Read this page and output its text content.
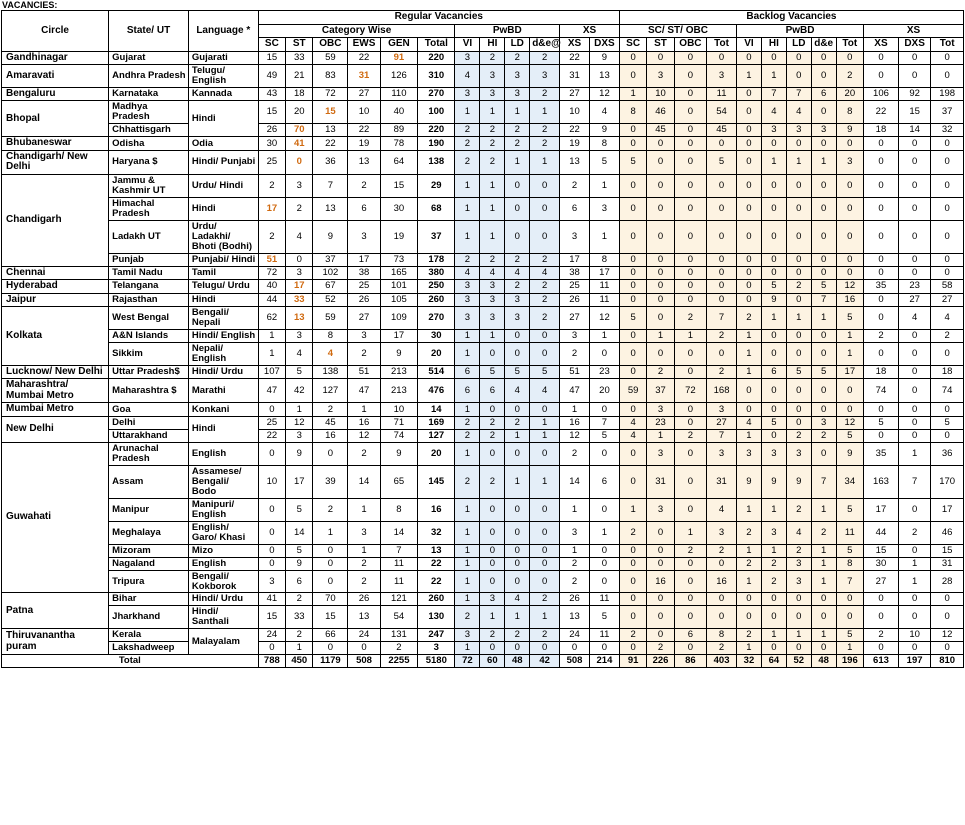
VACANCIES:
Circle	State/ UT	Language *	Regular Vacancies												Backlog Vacancies											
			Category Wise						PwBD				XS		SC/ ST/ OBC				PwBD					XS		
			SC	ST	OBC	EWS	GEN	Total	VI	HI	LD	d&e@	XS	DXS	SC	ST	OBC	Tot	VI	HI	LD	d&e	Tot	XS	DXS	Tot
Gandhinagar	Gujarat	Gujarati	15	33	59	22	91	220	3	2	2	2	22	9	0	0	0	0	0	0	0	0	0	0	0	0
Amaravati	Andhra Pradesh	Telugu/ English	49	21	83	31	126	310	4	3	3	3	31	13	0	3	0	3	1	1	0	0	2	0	0	0
Bengaluru	Karnataka	Kannada	43	18	72	27	110	270	3	3	3	2	27	12	1	10	0	11	0	7	7	6	20	106	92	198
Bhopal	Madhya Pradesh	Hindi	15	20	15	10	40	100	1	1	1	1	10	4	8	46	0	54	0	4	4	0	8	22	15	37
	Chhattisgarh		26	70	13	22	89	220	2	2	2	2	22	9	0	45	0	45	0	3	3	3	9	18	14	32
Bhubaneswar	Odisha	Odia	30	41	22	19	78	190	2	2	2	2	19	8	0	0	0	0	0	0	0	0	0	0	0	0
Chandigarh/ New Delhi	Haryana $	Hindi/ Punjabi	25	0	36	13	64	138	2	2	1	1	13	5	5	0	0	5	0	1	1	1	3	0	0	0
Chandigarh	Jammu & Kashmir UT	Urdu/ Hindi	2	3	7	2	15	29	1	1	0	0	2	1	0	0	0	0	0	0	0	0	0	0	0	0
	Himachal Pradesh	Hindi	17	2	13	6	30	68	1	1	0	0	6	3	0	0	0	0	0	0	0	0	0	0	0	0
	Ladakh UT	Urdu/ Ladakhi/ Bhoti (Bodhi)	2	4	9	3	19	37	1	1	0	0	3	1	0	0	0	0	0	0	0	0	0	0	0	0
	Punjab	Punjabi/ Hindi	51	0	37	17	73	178	2	2	2	2	17	8	0	0	0	0	0	0	0	0	0	0	0	0
Chennai	Tamil Nadu	Tamil	72	3	102	38	165	380	4	4	4	4	38	17	0	0	0	0	0	0	0	0	0	0	0	0
Hyderabad	Telangana	Telugu/ Urdu	40	17	67	25	101	250	3	3	2	2	25	11	0	0	0	0	0	5	2	5	12	35	23	58
Jaipur	Rajasthan	Hindi	44	33	52	26	105	260	3	3	3	2	26	11	0	0	0	0	0	9	0	7	16	0	27	27
Kolkata	West Bengal	Bengali/ Nepali	62	13	59	27	109	270	3	3	3	2	27	12	5	0	2	7	2	1	1	1	5	0	4	4
	A&N Islands	Hindi/ English	1	3	8	3	17	30	1	1	0	0	3	1	0	1	1	2	1	0	0	0	1	2	0	2
	Sikkim	Nepali/ English	1	4	4	2	9	20	1	0	0	0	2	0	0	0	0	0	1	0	0	0	1	0	0	0
Lucknow/ New Delhi	Uttar Pradesh$	Hindi/ Urdu	107	5	138	51	213	514	6	5	5	5	51	23	0	2	0	2	1	6	5	5	17	18	0	18
Maharashtra/ Mumbai Metro	Maharashtra $	Marathi	47	42	127	47	213	476	6	6	4	4	47	20	59	37	72	168	0	0	0	0	0	74	0	74
Mumbai Metro	Goa	Konkani	0	1	2	1	10	14	1	0	0	0	1	0	0	3	0	3	0	0	0	0	0	0	0	0
New Delhi	Delhi	Hindi	25	12	45	16	71	169	2	2	2	1	16	7	4	23	0	27	4	5	0	3	12	5	0	5
	Uttarakhand		22	3	16	12	74	127	2	2	1	1	12	5	4	1	2	7	1	0	2	2	5	0	0	0
Guwahati	Arunachal Pradesh	English	0	9	0	2	9	20	1	0	0	0	2	0	0	3	0	3	3	3	3	0	9	35	1	36
	Assam	Assamese/ Bengali/ Bodo	10	17	39	14	65	145	2	2	1	1	14	6	0	31	0	31	9	9	9	7	34	163	7	170
	Manipur	Manipuri/ English	0	5	2	1	8	16	1	0	0	0	1	0	1	3	0	4	1	1	2	1	5	17	0	17
	Meghalaya	English/ Garo/ Khasi	0	14	1	3	14	32	1	0	0	0	3	1	2	0	1	3	2	3	4	2	11	44	2	46
	Mizoram	Mizo	0	5	0	1	7	13	1	0	0	0	1	0	0	0	2	2	1	1	2	1	5	15	0	15
	Nagaland	English	0	9	0	2	11	22	1	0	0	0	2	0	0	0	0	0	2	2	3	1	8	30	1	31
	Tripura	Bengali/ Kokborok	3	6	0	2	11	22	1	0	0	0	2	0	0	16	0	16	1	2	3	1	7	27	1	28
Patna	Bihar	Hindi/ Urdu	41	2	70	26	121	260	1	3	4	2	26	11	0	0	0	0	0	0	0	0	0	0	0	0
	Jharkhand	Hindi/ Santhali	15	33	15	13	54	130	2	1	1	1	13	5	0	0	0	0	0	0	0	0	0	0	0	0
Thiruvanantha puram	Kerala	Malayalam	24	2	66	24	131	247	3	2	2	2	24	11	2	0	6	8	2	1	1	1	5	2	10	12
	Lakshadweep		0	1	0	0	2	3	1	0	0	0	0	0	0	2	0	2	1	0	0	0	1	0	0	0
Total			788	450	1179	508	2255	5180	72	60	48	42	508	214	91	226	86	403	32	64	52	48	196	613	197	810
